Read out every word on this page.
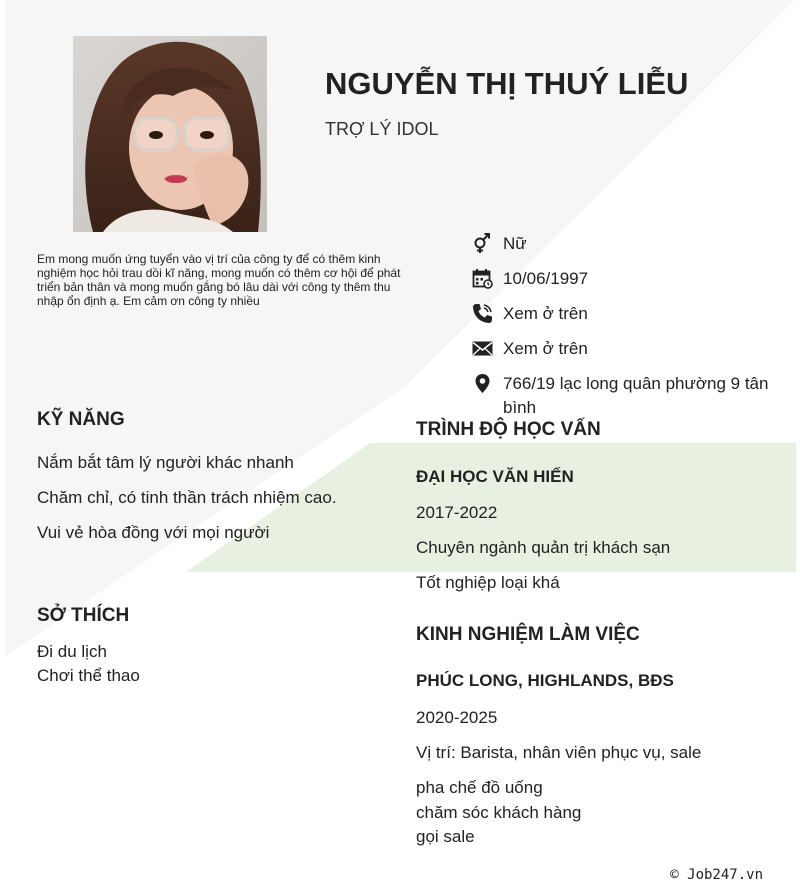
NGUYỄN THỊ THUÝ LIỄU
TRỢ LÝ IDOL
Em mong muốn ứng tuyển vào vị trí của công ty để có thêm kinh nghiệm học hỏi trau dồi kĩ năng, mong muốn có thêm cơ hội để phát triển bản thân và mong muốn gắng bó lâu dài với công ty thêm thu nhập ổn định ạ. Em cảm ơn công ty nhiều
Nữ
10/06/1997
Xem ở trên
Xem ở trên
766/19 lạc long quân phường 9 tân bình
KỸ NĂNG
Nắm bắt tâm lý người khác nhanh
Chăm chỉ, có tinh thần trách nhiệm cao.
Vui vẻ hòa đồng với mọi người
SỞ THÍCH
Đi du lịch
Chơi thể thao
TRÌNH ĐỘ HỌC VẤN
ĐẠI HỌC VĂN HIẾN
2017-2022
Chuyên ngành quản trị khách sạn
Tốt nghiệp loại khá
KINH NGHIỆM LÀM VIỆC
PHÚC LONG, HIGHLANDS, BĐS
2020-2025
Vị trí: Barista, nhân viên phục vụ, sale
pha chế đồ uống
chăm sóc khách hàng
gọi sale
© Job247.vn
